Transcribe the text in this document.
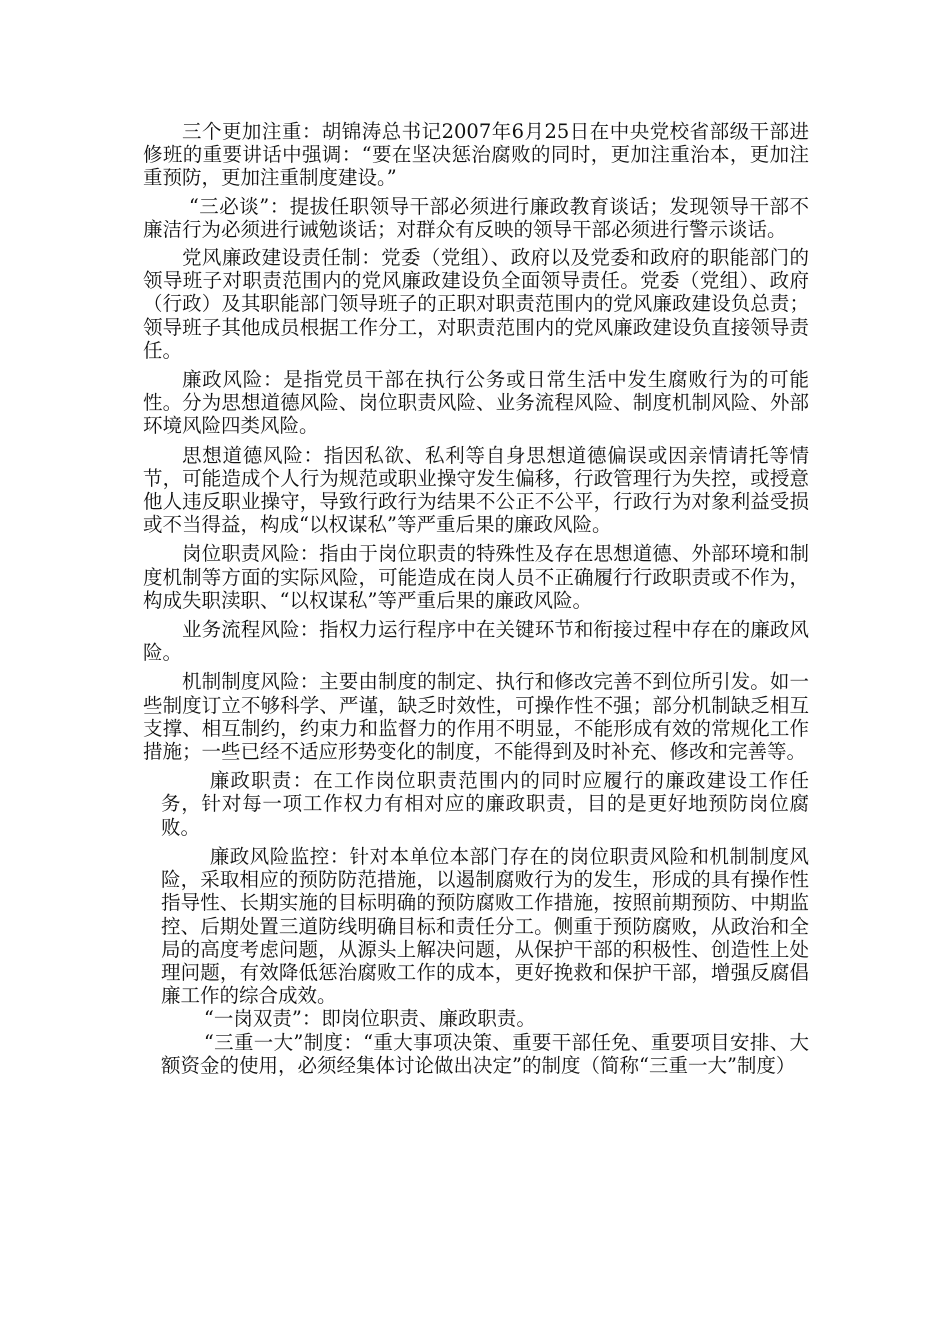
三个更加注重：胡锦涛总书记2007年6月25日在中央党校省部级干部进修班的重要讲话中强调：“要在坚决惩治腐败的同时，更加注重治本，更加注重预防，更加注重制度建设。”

“三必谈”：提拔任职领导干部必须进行廉政教育谈话；发现领导干部不廉洁行为必须进行诫勉谈话；对群众有反映的领导干部必须进行警示谈话。

党风廉政建设责任制：党委（党组）、政府以及党委和政府的职能部门的领导班子对职责范围内的党风廉政建设负全面领导责任。党委（党组）、政府（行政）及其职能部门领导班子的正职对职责范围内的党风廉政建设负总责；领导班子其他成员根据工作分工，对职责范围内的党风廉政建设负直接领导责任。

廉政风险：是指党员干部在执行公务或日常生活中发生腐败行为的可能性。分为思想道德风险、岗位职责风险、业务流程风险、制度机制风险、外部环境风险四类风险。

思想道德风险：指因私欲、私利等自身思想道德偏误或因亲情请托等情节，可能造成个人行为规范或职业操守发生偏移，行政管理行为失控，或授意他人违反职业操守，导致行政行为结果不公正不公平，行政行为对象利益受损或不当得益，构成“以权谋私”等严重后果的廉政风险。

岗位职责风险：指由于岗位职责的特殊性及存在思想道德、外部环境和制度机制等方面的实际风险，可能造成在岗人员不正确履行行政职责或不作为，构成失职渎职、“以权谋私”等严重后果的廉政风险。

业务流程风险：指权力运行程序中在关键环节和衔接过程中存在的廉政风险。

机制制度风险：主要由制度的制定、执行和修改完善不到位所引发。如一些制度订立不够科学、严谨，缺乏时效性，可操作性不强；部分机制缺乏相互支撑、相互制约，约束力和监督力的作用不明显，不能形成有效的常规化工作措施；一些已经不适应形势变化的制度，不能得到及时补充、修改和完善等。

廉政职责：在工作岗位职责范围内的同时应履行的廉政建设工作任务，针对每一项工作权力有相对应的廉政职责，目的是更好地预防岗位腐败。

廉政风险监控：针对本单位本部门存在的岗位职责风险和机制制度风险，采取相应的预防防范措施，以遏制腐败行为的发生，形成的具有操作性指导性、长期实施的目标明确的预防腐败工作措施，按照前期预防、中期监控、后期处置三道防线明确目标和责任分工。侧重于预防腐败，从政治和全局的高度考虑问题，从源头上解决问题，从保护干部的积极性、创造性上处理问题，有效降低惩治腐败工作的成本，更好挽救和保护干部，增强反腐倡廉工作的综合成效。

“一岗双责”：即岗位职责、廉政职责。

“三重一大”制度：“重大事项决策、重要干部任免、重要项目安排、大额资金的使用，必须经集体讨论做出决定”的制度（简称“三重一大”制度）
